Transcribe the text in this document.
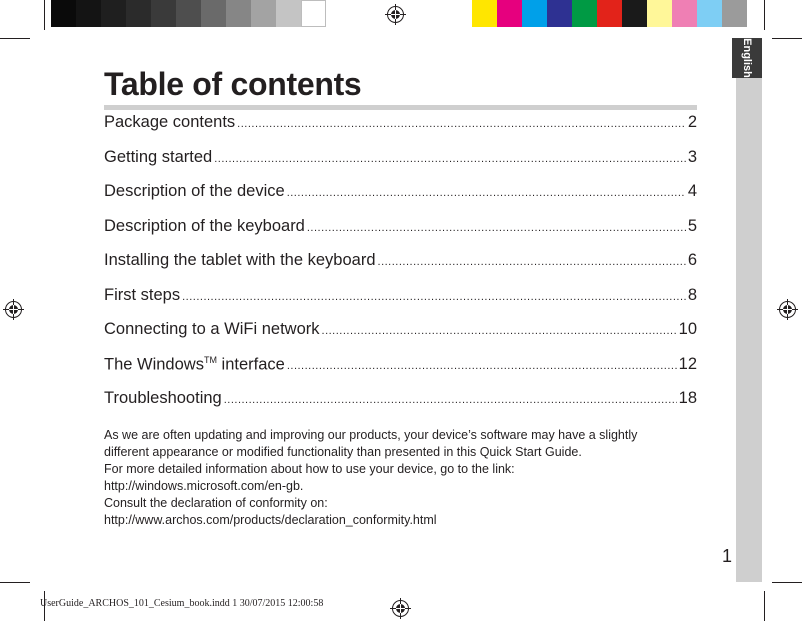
English
Table of contents
Package contents .....	2
Getting started .....	3
Description of the device .....	4
Description of the keyboard .....	5
Installing the tablet with the keyboard .....	6
First steps .....	8
Connecting to a WiFi network .....	10
The Windows™ interface .....	12
Troubleshooting .....	18
As we are often updating and improving our products, your device’s software may have a slightly
different appearance or modified functionality than presented in this Quick Start Guide.
For more detailed information about how to use your device, go to the link:
http://windows.microsoft.com/en-gb.
Consult the declaration of conformity on:
http://www.archos.com/products/declaration_conformity.html
1
UserGuide_ARCHOS_101_Cesium_book.indd 1 30/07/2015 12:00:58
